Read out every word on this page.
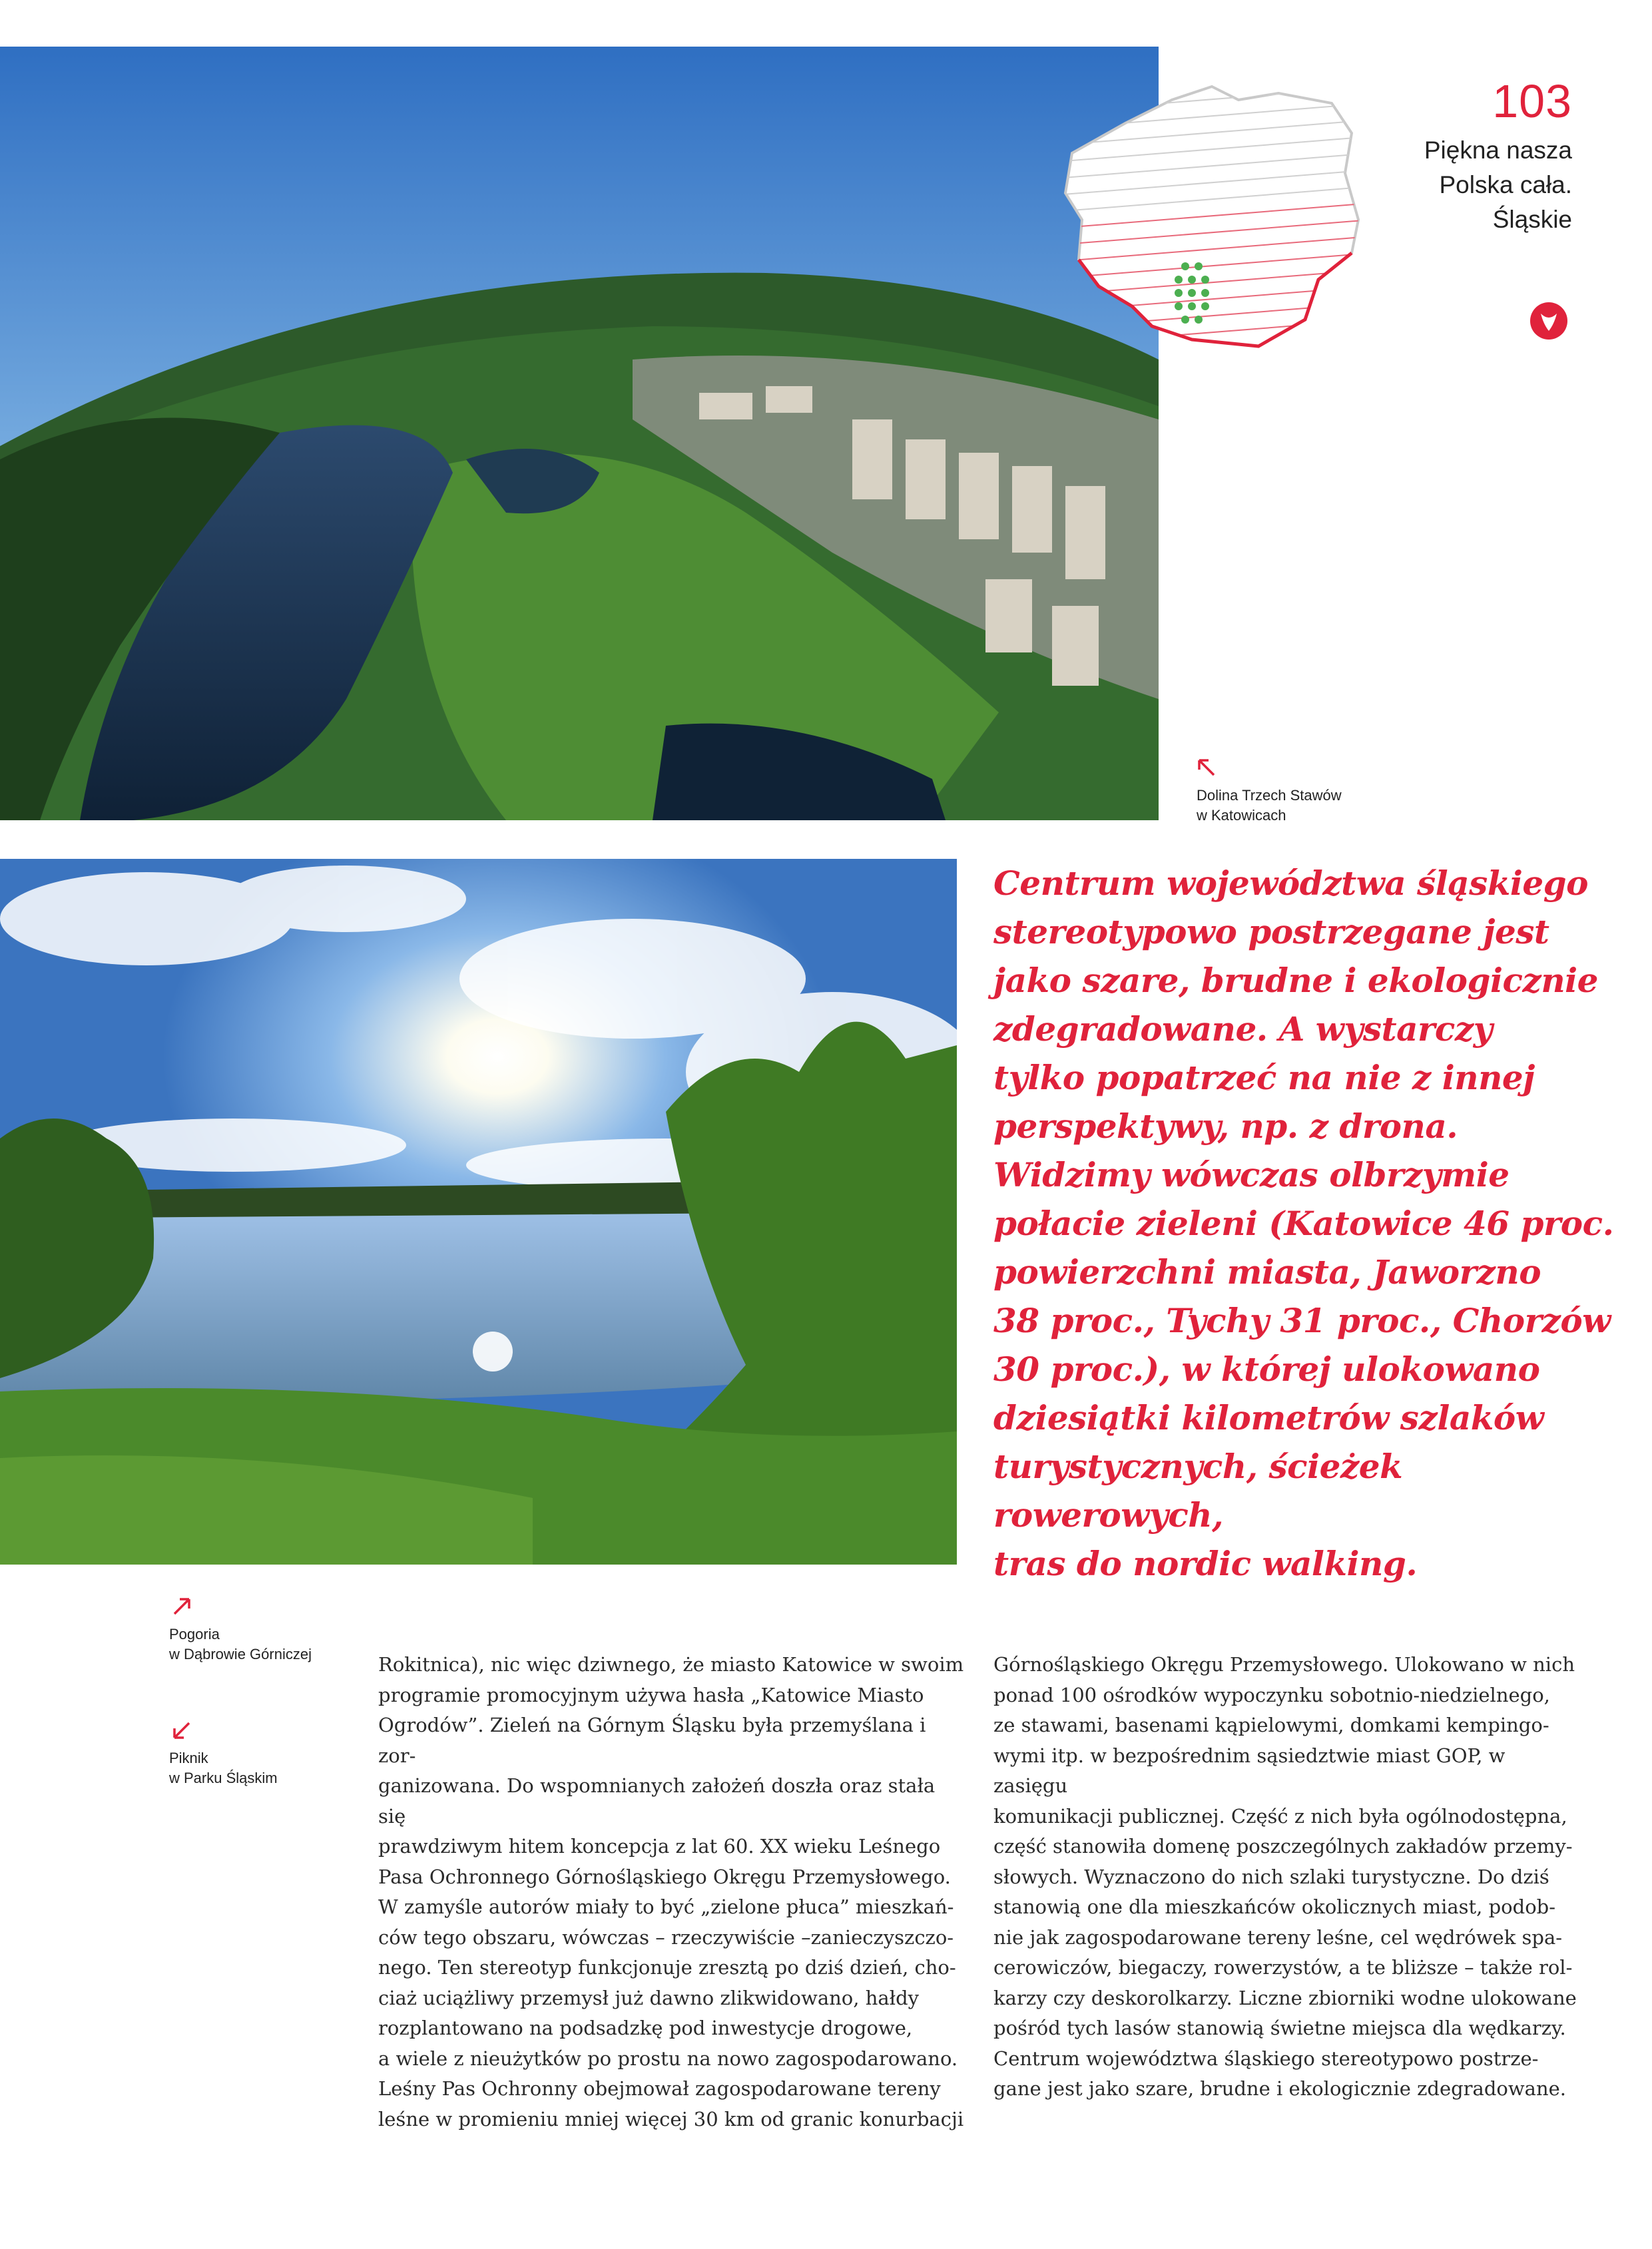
103
Piękna nasza
Polska cała.
Śląskie
Dolina Trzech Stawów
w Katowicach
Centrum województwa śląskiego
stereotypowo postrzegane jest
jako szare, brudne i ekologicznie
zdegradowane. A wystarczy
tylko popatrzeć na nie z innej
perspektywy, np. z drona.
Widzimy wówczas olbrzymie
połacie zieleni (Katowice 46 proc.
powierzchni miasta, Jaworzno
38 proc., Tychy 31 proc., Chorzów
30 proc.), w której ulokowano
dziesiątki kilometrów szlaków
turystycznych, ścieżek rowerowych,
tras do nordic walking.
Pogoria
w Dąbrowie Górniczej
Piknik
w Parku Śląskim
Rokitnica), nic więc dziwnego, że miasto Katowice w swoim
programie promocyjnym używa hasła „Katowice Miasto
Ogrodów”. Zieleń na Górnym Śląsku była przemyślana i zor-
ganizowana. Do wspomnianych założeń doszła oraz stała się
prawdziwym hitem koncepcja z lat 60. XX wieku Leśnego
Pasa Ochronnego Górnośląskiego Okręgu Przemysłowego.
W zamyśle autorów miały to być „zielone płuca” mieszkań-
ców tego obszaru, wówczas – rzeczywiście –zanieczyszczo-
nego. Ten stereotyp funkcjonuje zresztą po dziś dzień, cho-
ciaż uciążliwy przemysł już dawno zlikwidowano, hałdy
rozplantowano na podsadzkę pod inwestycje drogowe,
a wiele z nieużytków po prostu na nowo zagospodarowano.
Leśny Pas Ochronny obejmował zagospodarowane tereny
leśne w promieniu mniej więcej 30 km od granic konurbacji
Górnośląskiego Okręgu Przemysłowego. Ulokowano w nich
ponad 100 ośrodków wypoczynku sobotnio-niedzielnego,
ze stawami, basenami kąpielowymi, domkami kempingo-
wymi itp. w bezpośrednim sąsiedztwie miast GOP, w zasięgu
komunikacji publicznej. Część z nich była ogólnodostępna,
część stanowiła domenę poszczególnych zakładów przemy-
słowych. Wyznaczono do nich szlaki turystyczne. Do dziś
stanowią one dla mieszkańców okolicznych miast, podob-
nie jak zagospodarowane tereny leśne, cel wędrówek spa-
cerowiczów, biegaczy, rowerzystów, a te bliższe – także rol-
karzy czy deskorolkarzy. Liczne zbiorniki wodne ulokowane
pośród tych lasów stanowią świetne miejsca dla wędkarzy.
Centrum województwa śląskiego stereotypowo postrze-
gane jest jako szare, brudne i ekologicznie zdegradowane.
